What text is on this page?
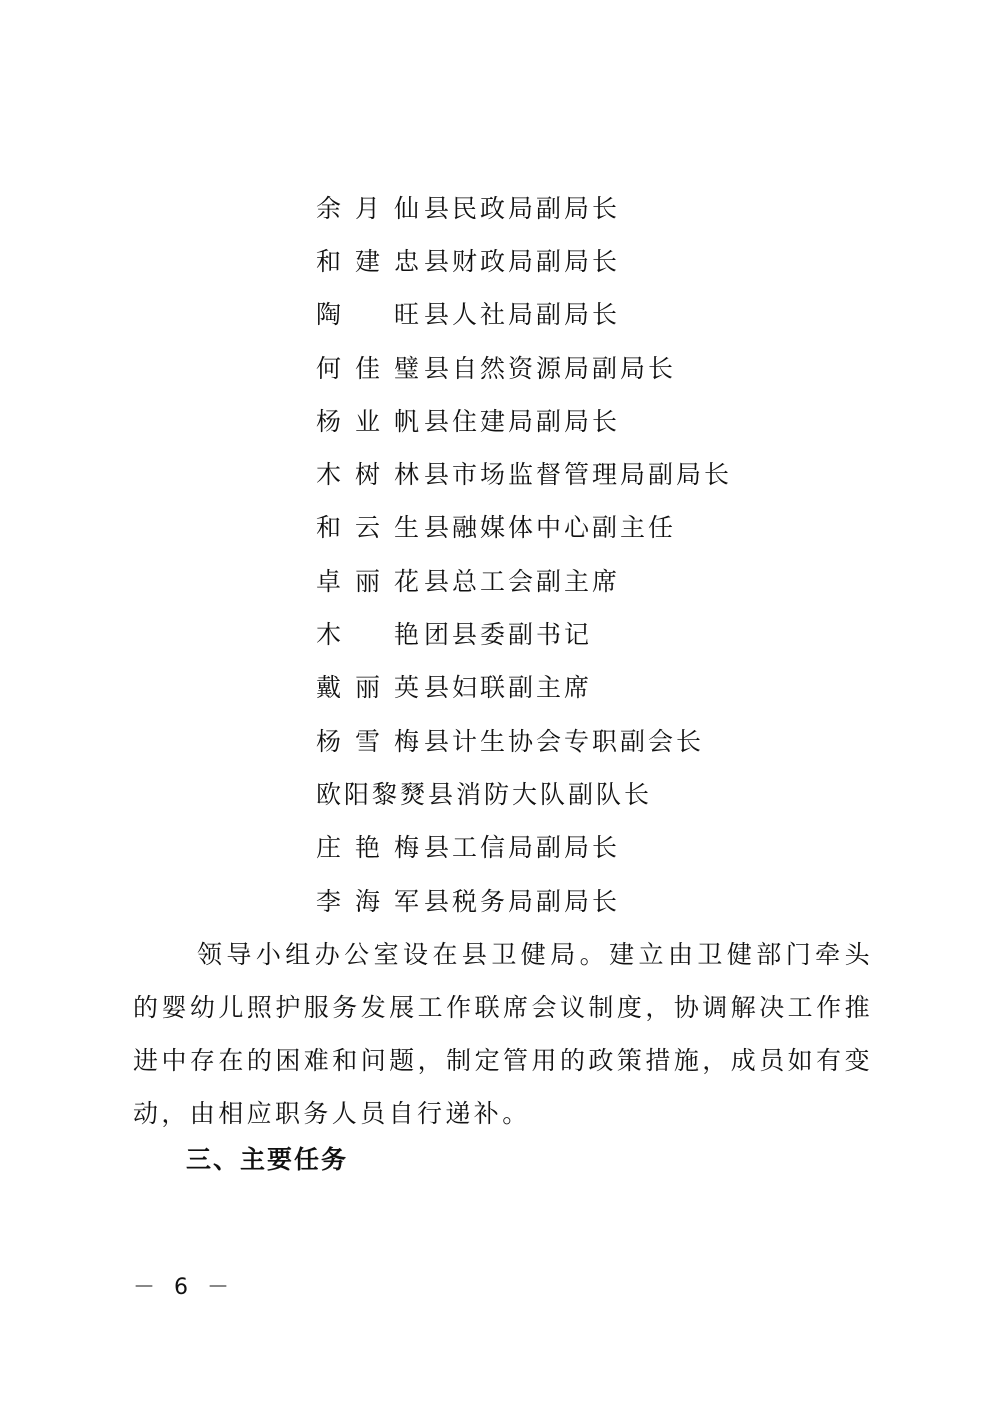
余月仙 县民政局副局长
和建忠 县财政局副局长
陶　旺 县人社局副局长
何佳璧 县自然资源局副局长
杨业帆 县住建局副局长
木树林 县市场监督管理局副局长
和云生 县融媒体中心副主任
卓丽花 县总工会副主席
木　艳 团县委副书记
戴丽英 县妇联副主席
杨雪梅 县计生协会专职副会长
欧阳黎燹 县消防大队副队长
庄艳梅 县工信局副局长
李海军 县税务局副局长

领导小组办公室设在县卫健局。建立由卫健部门牵头的婴幼儿照护服务发展工作联席会议制度，协调解决工作推进中存在的困难和问题，制定管用的政策措施，成员如有变动，由相应职务人员自行递补。

三、主要任务
－ 6 －
